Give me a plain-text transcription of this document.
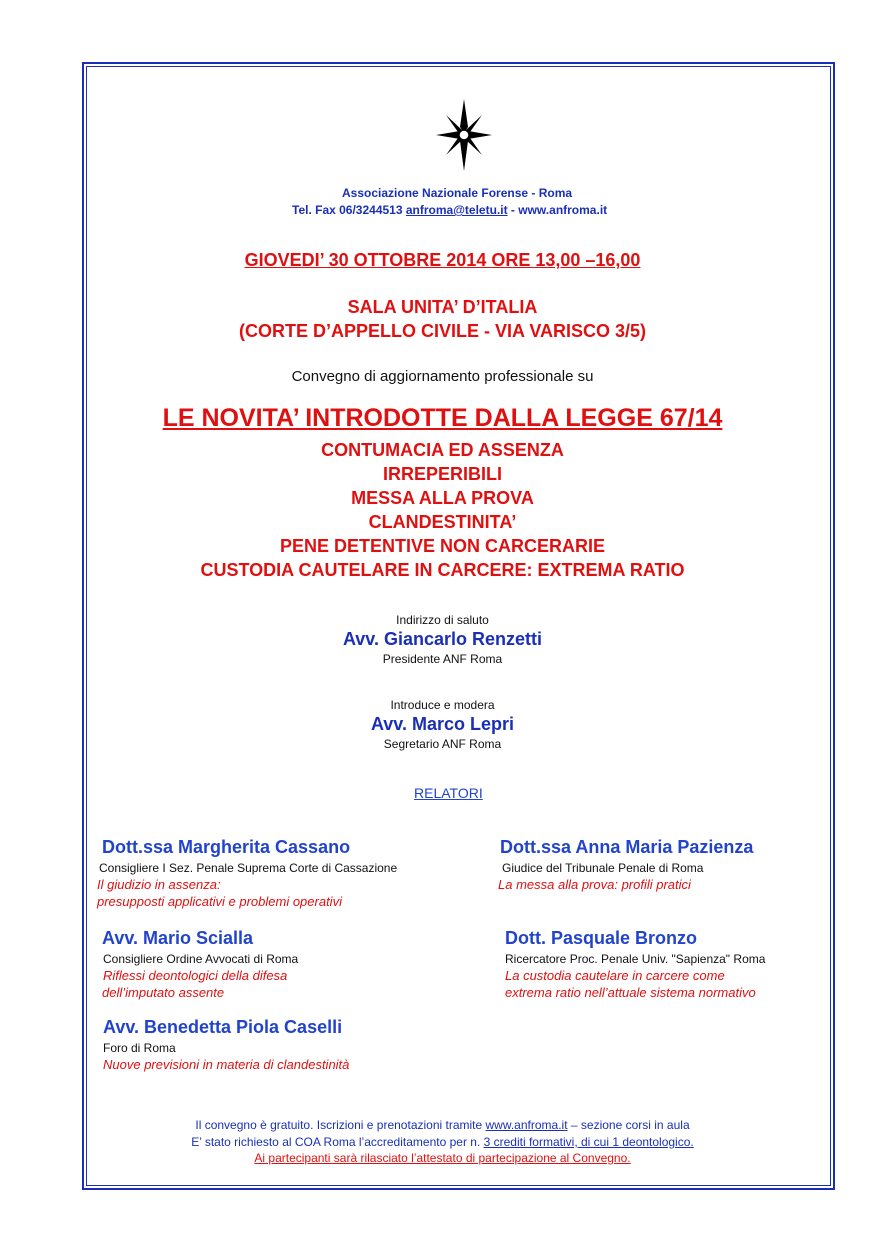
Associazione Nazionale Forense - Roma
Tel. Fax 06/3244513 anfroma@teletu.it - www.anfroma.it
GIOVEDI’ 30 OTTOBRE 2014 ORE 13,00 –16,00
SALA UNITA’ D’ITALIA
(CORTE D’APPELLO CIVILE - VIA VARISCO 3/5)
Convegno di aggiornamento professionale su
LE NOVITA’ INTRODOTTE DALLA LEGGE 67/14
CONTUMACIA ED ASSENZA
IRREPERIBILI
MESSA ALLA PROVA
CLANDESTINITA’
PENE DETENTIVE NON CARCERARIE
CUSTODIA CAUTELARE IN CARCERE: EXTREMA RATIO
Indirizzo di saluto
Avv. Giancarlo Renzetti
Presidente ANF Roma
Introduce e modera
Avv. Marco Lepri
Segretario ANF Roma
RELATORI
Dott.ssa Margherita Cassano
Consigliere I Sez. Penale Suprema Corte di Cassazione
Il giudizio in assenza:
presupposti applicativi e problemi operativi
Dott.ssa Anna Maria Pazienza
Giudice del Tribunale Penale di Roma
La messa alla prova: profili pratici
Avv. Mario Scialla
Consigliere Ordine Avvocati di Roma
Riflessi deontologici della difesa
dell’imputato assente
Dott. Pasquale Bronzo
Ricercatore Proc. Penale Univ. "Sapienza" Roma
La custodia cautelare in carcere come
extrema ratio nell’attuale sistema normativo
Avv. Benedetta Piola Caselli
Foro di Roma
Nuove previsioni in materia di clandestinità
Il convegno è gratuito. Iscrizioni e prenotazioni tramite www.anfroma.it – sezione corsi in aula
E’ stato richiesto al COA Roma l’accreditamento per n. 3 crediti formativi, di cui 1 deontologico.
Ai partecipanti sarà rilasciato l’attestato di partecipazione al Convegno.
